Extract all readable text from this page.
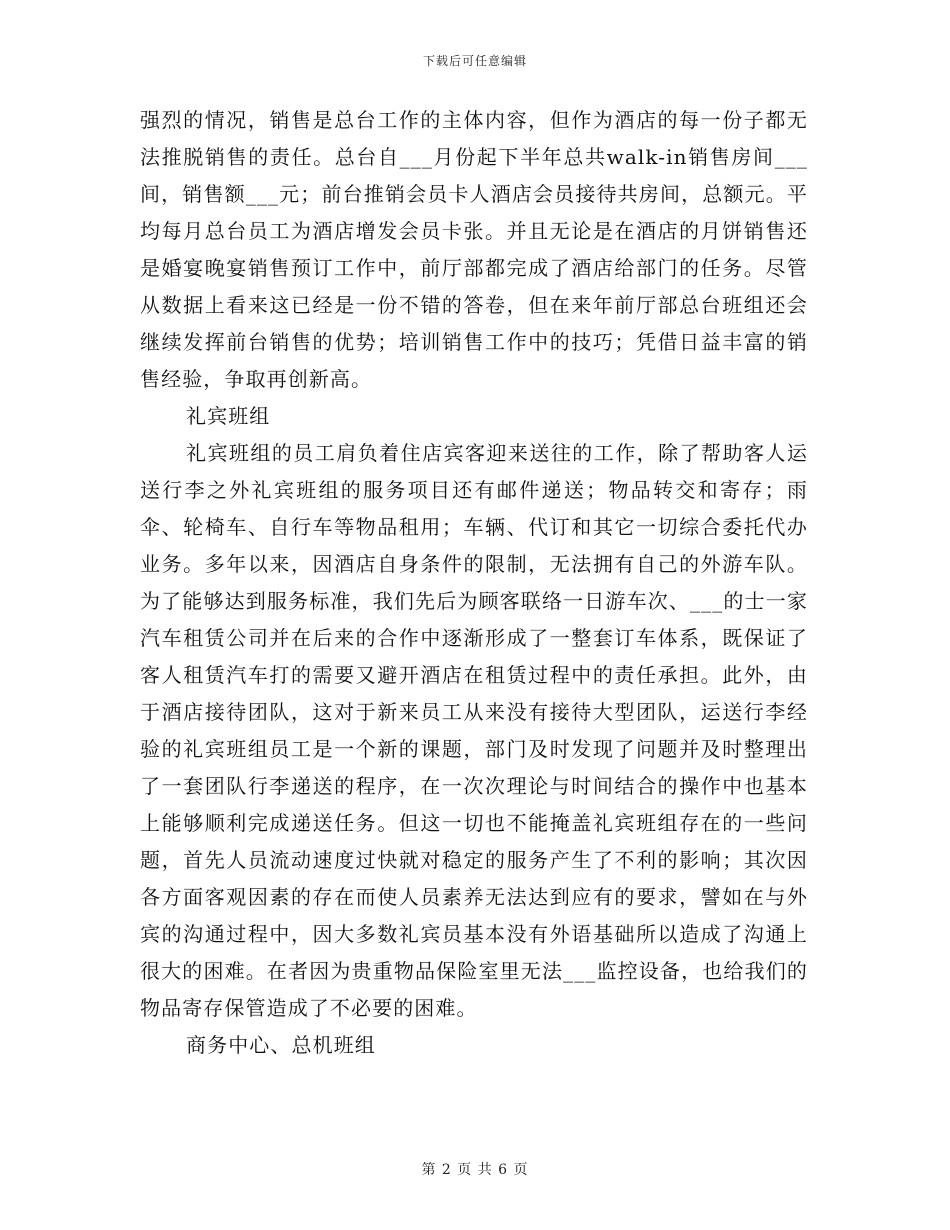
下载后可任意编辑

强烈的情况，销售是总台工作的主体内容，但作为酒店的每一份子都无法推脱销售的责任。总台自___月份起下半年总共walk-in销售房间___间，销售额___元；前台推销会员卡人酒店会员接待共房间，总额元。平均每月总台员工为酒店增发会员卡张。并且无论是在酒店的月饼销售还是婚宴晚宴销售预订工作中，前厅部都完成了酒店给部门的任务。尽管从数据上看来这已经是一份不错的答卷，但在来年前厅部总台班组还会继续发挥前台销售的优势；培训销售工作中的技巧；凭借日益丰富的销售经验，争取再创新高。

礼宾班组

礼宾班组的员工肩负着住店宾客迎来送往的工作，除了帮助客人运送行李之外礼宾班组的服务项目还有邮件递送；物品转交和寄存；雨伞、轮椅车、自行车等物品租用；车辆、代订和其它一切综合委托代办业务。多年以来，因酒店自身条件的限制，无法拥有自己的外游车队。为了能够达到服务标准，我们先后为顾客联络一日游车次、___的士一家汽车租赁公司并在后来的合作中逐渐形成了一整套订车体系，既保证了客人租赁汽车打的需要又避开酒店在租赁过程中的责任承担。此外，由于酒店接待团队，这对于新来员工从来没有接待大型团队，运送行李经验的礼宾班组员工是一个新的课题，部门及时发现了问题并及时整理出了一套团队行李递送的程序，在一次次理论与时间结合的操作中也基本上能够顺利完成递送任务。但这一切也不能掩盖礼宾班组存在的一些问题，首先人员流动速度过快就对稳定的服务产生了不利的影响；其次因各方面客观因素的存在而使人员素养无法达到应有的要求，譬如在与外宾的沟通过程中，因大多数礼宾员基本没有外语基础所以造成了沟通上很大的困难。在者因为贵重物品保险室里无法___监控设备，也给我们的物品寄存保管造成了不必要的困难。

商务中心、总机班组

第 2 页 共 6 页
